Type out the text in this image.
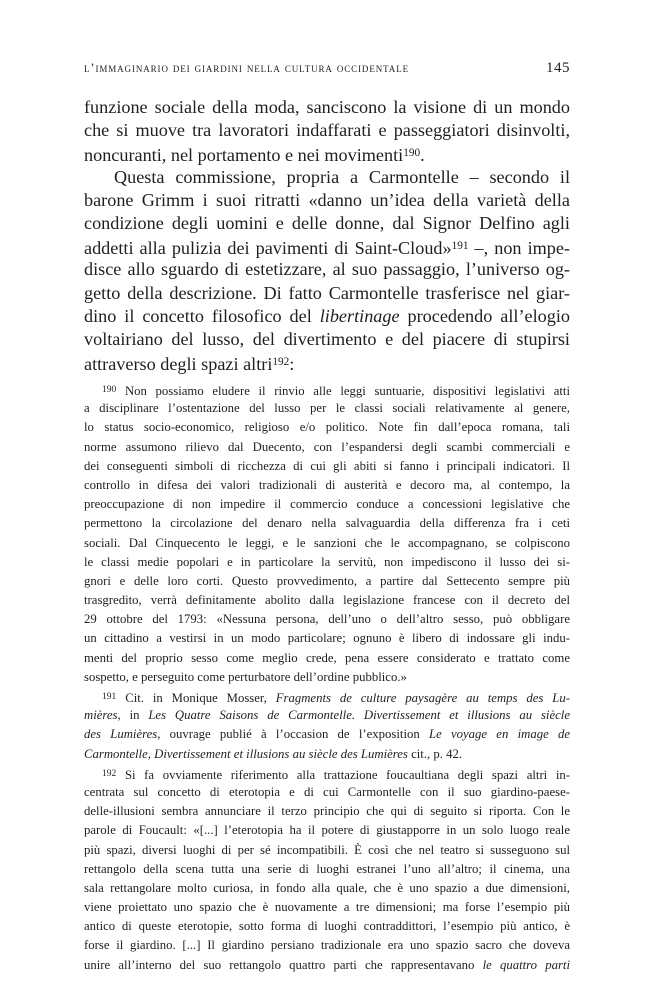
l’immaginario dei giardini nella cultura occidentale	145
funzione sociale della moda, sanciscono la visione di un mondo
che si muove tra lavoratori indaffarati e passeggiatori disinvolti,
noncuranti, nel portamento e nei movimenti$^{190}$.
Questa commissione, propria a Carmontelle – secondo il
barone Grimm i suoi ritratti «danno un’idea della varietà della
condizione degli uomini e delle donne, dal Signor Delfino agli
addetti alla pulizia dei pavimenti di Saint-Cloud»$^{191}$ –, non impe-
disce allo sguardo di estetizzare, al suo passaggio, l’universo og-
getto della descrizione. Di fatto Carmontelle trasferisce nel giar-
dino il concetto filosofico del libertinage procedendo all’elogio
voltairiano del lusso, del divertimento e del piacere di stupirsi
attraverso degli spazi altri$^{192}$:
$^{190}$ Non possiamo eludere il rinvio alle leggi suntuarie, dispositivi legislativi atti
a disciplinare l’ostentazione del lusso per le classi sociali relativamente al genere,
lo status socio-economico, religioso e/o politico. Note fin dall’epoca romana, tali
norme assumono rilievo dal Duecento, con l’espandersi degli scambi commerciali e
dei conseguenti simboli di ricchezza di cui gli abiti si fanno i principali indicatori. Il
controllo in difesa dei valori tradizionali di austerità e decoro ma, al contempo, la
preoccupazione di non impedire il commercio conduce a concessioni legislative che
permettono la circolazione del denaro nella salvaguardia della differenza fra i ceti
sociali. Dal Cinquecento le leggi, e le sanzioni che le accompagnano, se colpiscono
le classi medie popolari e in particolare la servitù, non impediscono il lusso dei si-
gnori e delle loro corti. Questo provvedimento, a partire dal Settecento sempre più
trasgredito, verrà definitamente abolito dalla legislazione francese con il decreto del
29 ottobre del 1793: «Nessuna persona, dell’uno o dell’altro sesso, può obbligare
un cittadino a vestirsi in un modo particolare; ognuno è libero di indossare gli indu-
menti del proprio sesso come meglio crede, pena essere considerato e trattato come
sospetto, e perseguito come perturbatore dell’ordine pubblico.»
$^{191}$ Cit. in Monique Mosser, Fragments de culture paysagère au temps des Lu-
mières, in Les Quatre Saisons de Carmontelle. Divertissement et illusions au siècle
des Lumières, ouvrage publié à l’occasion de l’exposition Le voyage en image de
Carmontelle, Divertissement et illusions au siècle des Lumières cit., p. 42.
$^{192}$ Si fa ovviamente riferimento alla trattazione foucaultiana degli spazi altri in-
centrata sul concetto di eterotopia e di cui Carmontelle con il suo giardino-paese-
delle-illusioni sembra annunciare il terzo principio che qui di seguito si riporta. Con le
parole di Foucault: «[...] l’eterotopia ha il potere di giustapporre in un solo luogo reale
più spazi, diversi luoghi di per sé incompatibili. È così che nel teatro si susseguono sul
rettangolo della scena tutta una serie di luoghi estranei l’uno all’altro; il cinema, una
sala rettangolare molto curiosa, in fondo alla quale, che è uno spazio a due dimensioni,
viene proiettato uno spazio che è nuovamente a tre dimensioni; ma forse l’esempio più
antico di queste eterotopie, sotto forma di luoghi contraddittori, l’esempio più antico, è
forse il giardino. [...] Il giardino persiano tradizionale era uno spazio sacro che doveva
unire all’interno del suo rettangolo quattro parti che rappresentavano le quattro parti
